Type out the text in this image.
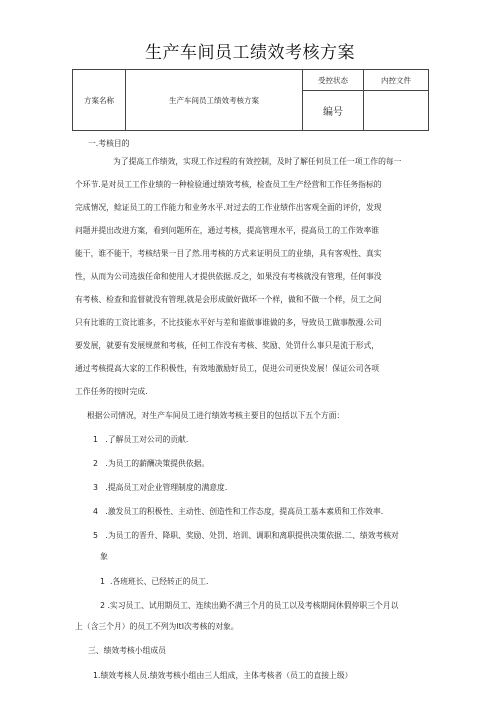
生产车间员工绩效考核方案
方案名称	生产车间员工绩效考核方案	受控状态	内控文件
		编号	
一.考核目的
为了提高工作绩效，实现工作过程的有效控制，及时了解任何员工任一项工作的每一
个环节.是对员工工作业绩的一种检验通过绩效考核，检查员工生产经营和工作任务指标的
完成情况，鲶证员工的工作能力和业务水平.对过去的工作业绩作出客观全面的评价，发现
问题并提出改进方案，看到问题所在，通过考核，提高管理水平，提高员工的工作效率谁
能干，谁不能干，考核结果一目了然.用考核的方式来证明员工的业绩，具有客观性、真实
性，从而为公司选拔任命和使用人才提供依据.反之，如果没有考核就没有管理，任何事没
有考核、检查和监督就没有管理,就是会形成做好做坏一个样，做和不做一个样，员工之间
只有比谁的工资比谁多，不比技能水平好与差和谁做事谁做的多，导致员工做事散漫.公司
要发展，就要有发展规蔗和考核，任何工作没有考核、奖励、处罚什么事只是流于形式，
通过考核提高大家的工作积极性，有效地激励好员工，促进公司更快发展！保证公司各项
工作任务的按时完成.
根据公司情况，对生产车间员工进行绩效考核主要目的包括以下五个方面：
1 .了解员工对公司的贡献.
2 .为员工的薪酬决策提供依据。
3 .提高员工对企业管理制度的满意度.
4 .激发员工的积极性、主动性、创造性和工作态度，提高员工基本素质和工作效率.
5 .为员工的晋升、降职、奖励、处罚、培训、调职和离职提供决策依据.二、绩效考核对
象
1 .各班班长、已经转正的员工.
2 .实习员工、试用期员工、连续出勤不满三个月的员工以及考核期间休假停职三个月以
上（含三个月）的员工不列为ItI次考核的对象。
三、绩效考核小组成员
1.绩效考核人员.绩效考核小组由三人组成，主体考核者（员工的直接上级）
